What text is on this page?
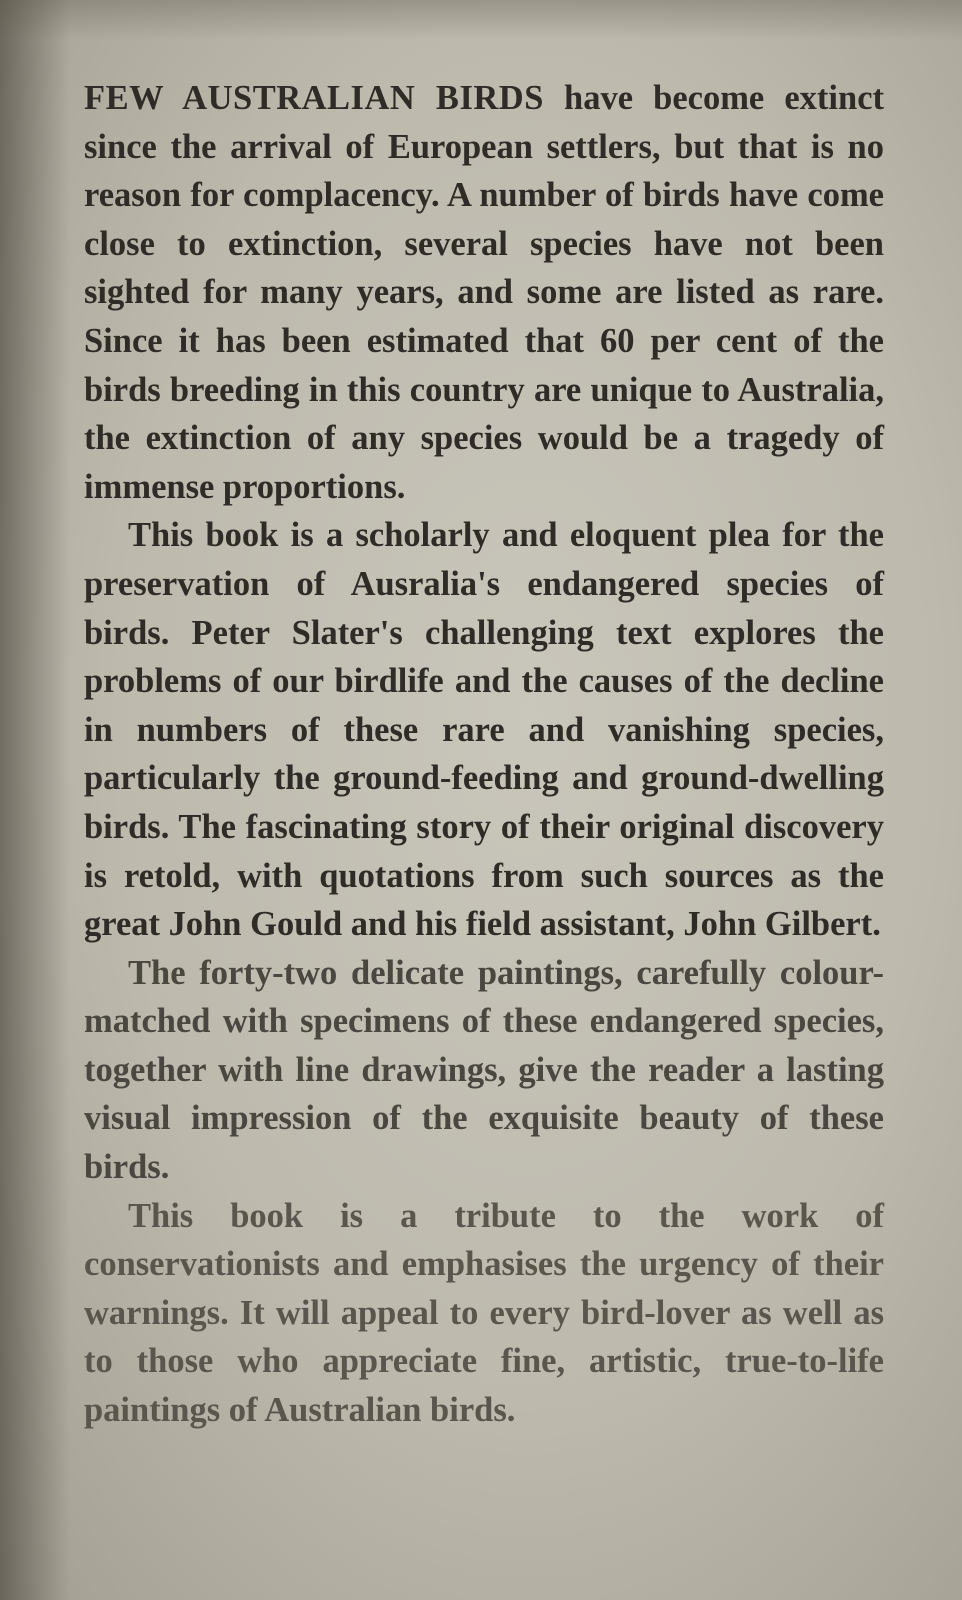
FEW AUSTRALIAN BIRDS have become extinct since the arrival of European settlers, but that is no reason for complacency. A number of birds have come close to extinction, several species have not been sighted for many years, and some are listed as rare. Since it has been estimated that 60 per cent of the birds breeding in this country are unique to Australia, the extinction of any species would be a tragedy of immense proportions.

This book is a scholarly and eloquent plea for the preservation of Ausralia's endangered species of birds. Peter Slater's challenging text explores the problems of our birdlife and the causes of the decline in numbers of these rare and vanishing species, particularly the ground-feeding and ground-dwelling birds. The fascinating story of their original discovery is retold, with quotations from such sources as the great John Gould and his field assistant, John Gilbert.

The forty-two delicate paintings, carefully colour-matched with specimens of these endangered species, together with line drawings, give the reader a lasting visual impression of the exquisite beauty of these birds.

This book is a tribute to the work of conservationists and emphasises the urgency of their warnings. It will appeal to every bird-lover as well as to those who appreciate fine, artistic, true-to-life paintings of Australian birds.
